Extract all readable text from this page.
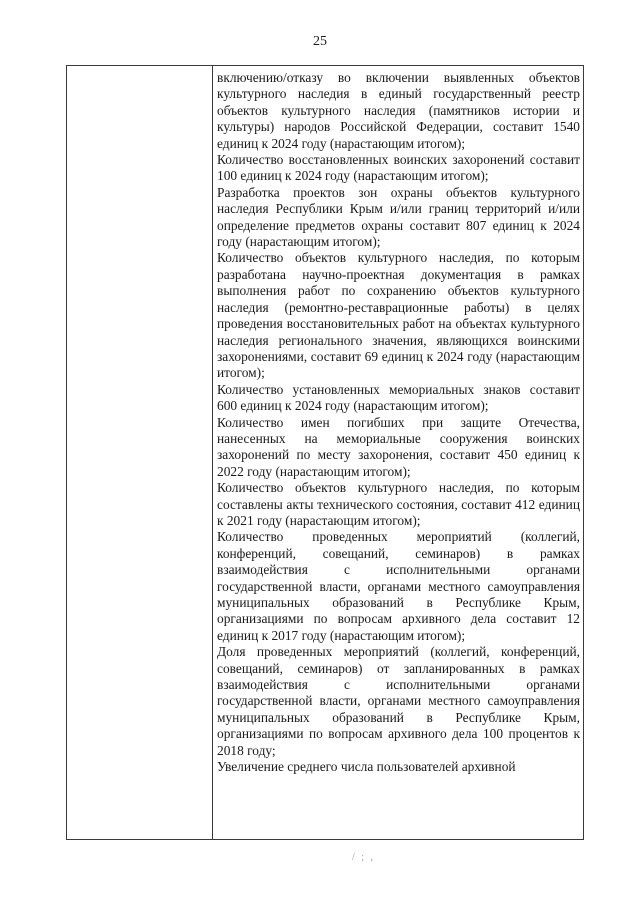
25

включению/отказу во включении выявленных объектов культурного наследия в единый государственный реестр объектов культурного наследия (памятников истории и культуры) народов Российской Федерации, составит 1540 единиц к 2024 году (нарастающим итогом);

Количество восстановленных воинских захоронений составит 100 единиц к 2024 году (нарастающим итогом);

Разработка проектов зон охраны объектов культурного наследия Республики Крым и/или границ территорий и/или определение предметов охраны составит 807 единиц к 2024 году (нарастающим итогом);

Количество объектов культурного наследия, по которым разработана научно-проектная документация в рамках выполнения работ по сохранению объектов культурного наследия (ремонтно-реставрационные работы) в целях проведения восстановительных работ на объектах культурного наследия регионального значения, являющихся воинскими захоронениями, составит 69 единиц к 2024 году (нарастающим итогом);

Количество установленных мемориальных знаков составит 600 единиц к 2024 году (нарастающим итогом);

Количество имен погибших при защите Отечества, нанесенных на мемориальные сооружения воинских захоронений по месту захоронения, составит 450 единиц к 2022 году (нарастающим итогом);

Количество объектов культурного наследия, по которым составлены акты технического состояния, составит 412 единиц к 2021 году (нарастающим итогом);

Количество проведенных мероприятий (коллегий, конференций, совещаний, семинаров) в рамках взаимодействия с исполнительными органами государственной власти, органами местного самоуправления муниципальных образований в Республике Крым, организациями по вопросам архивного дела составит 12 единиц к 2017 году (нарастающим итогом);

Доля проведенных мероприятий (коллегий, конференций, совещаний, семинаров) от запланированных в рамках взаимодействия с исполнительными органами государственной власти, органами местного самоуправления муниципальных образований в Республике Крым, организациями по вопросам архивного дела 100 процентов к 2018 году;

Увеличение среднего числа пользователей архивной

/ ; ,
